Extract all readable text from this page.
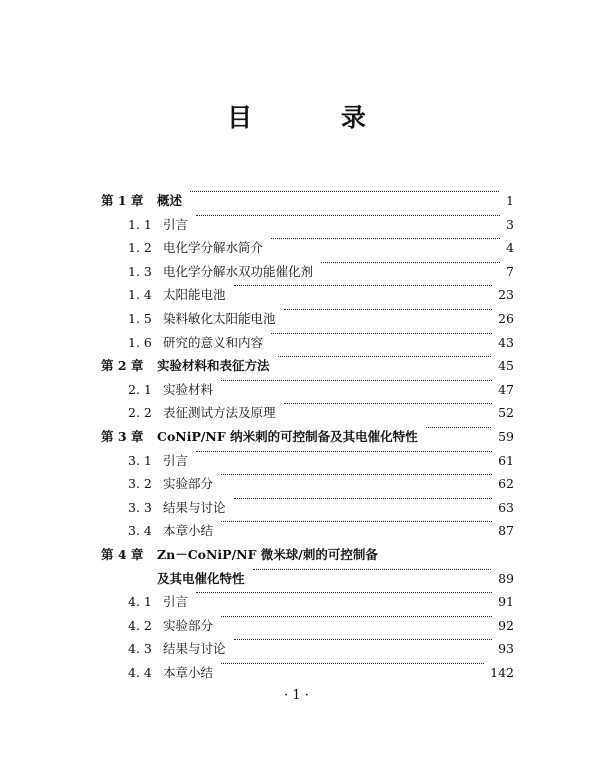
目 录
第 1 章 概述	1
1. 1 引言	3
1. 2 电化学分解水简介	4
1. 3 电化学分解水双功能催化剂	7
1. 4 太阳能电池	23
1. 5 染料敏化太阳能电池	26
1. 6 研究的意义和内容	43
第 2 章 实验材料和表征方法	45
2. 1 实验材料	47
2. 2 表征测试方法及原理	52
第 3 章 CoNiP/NF 纳米刺的可控制备及其电催化特性	59
3. 1 引言	61
3. 2 实验部分	62
3. 3 结果与讨论	63
3. 4 本章小结	87
第 4 章 Zn－CoNiP/NF 微米球/刺的可控制备
及其电催化特性	89
4. 1 引言	91
4. 2 实验部分	92
4. 3 结果与讨论	93
4. 4 本章小结	142
· 1 ·
